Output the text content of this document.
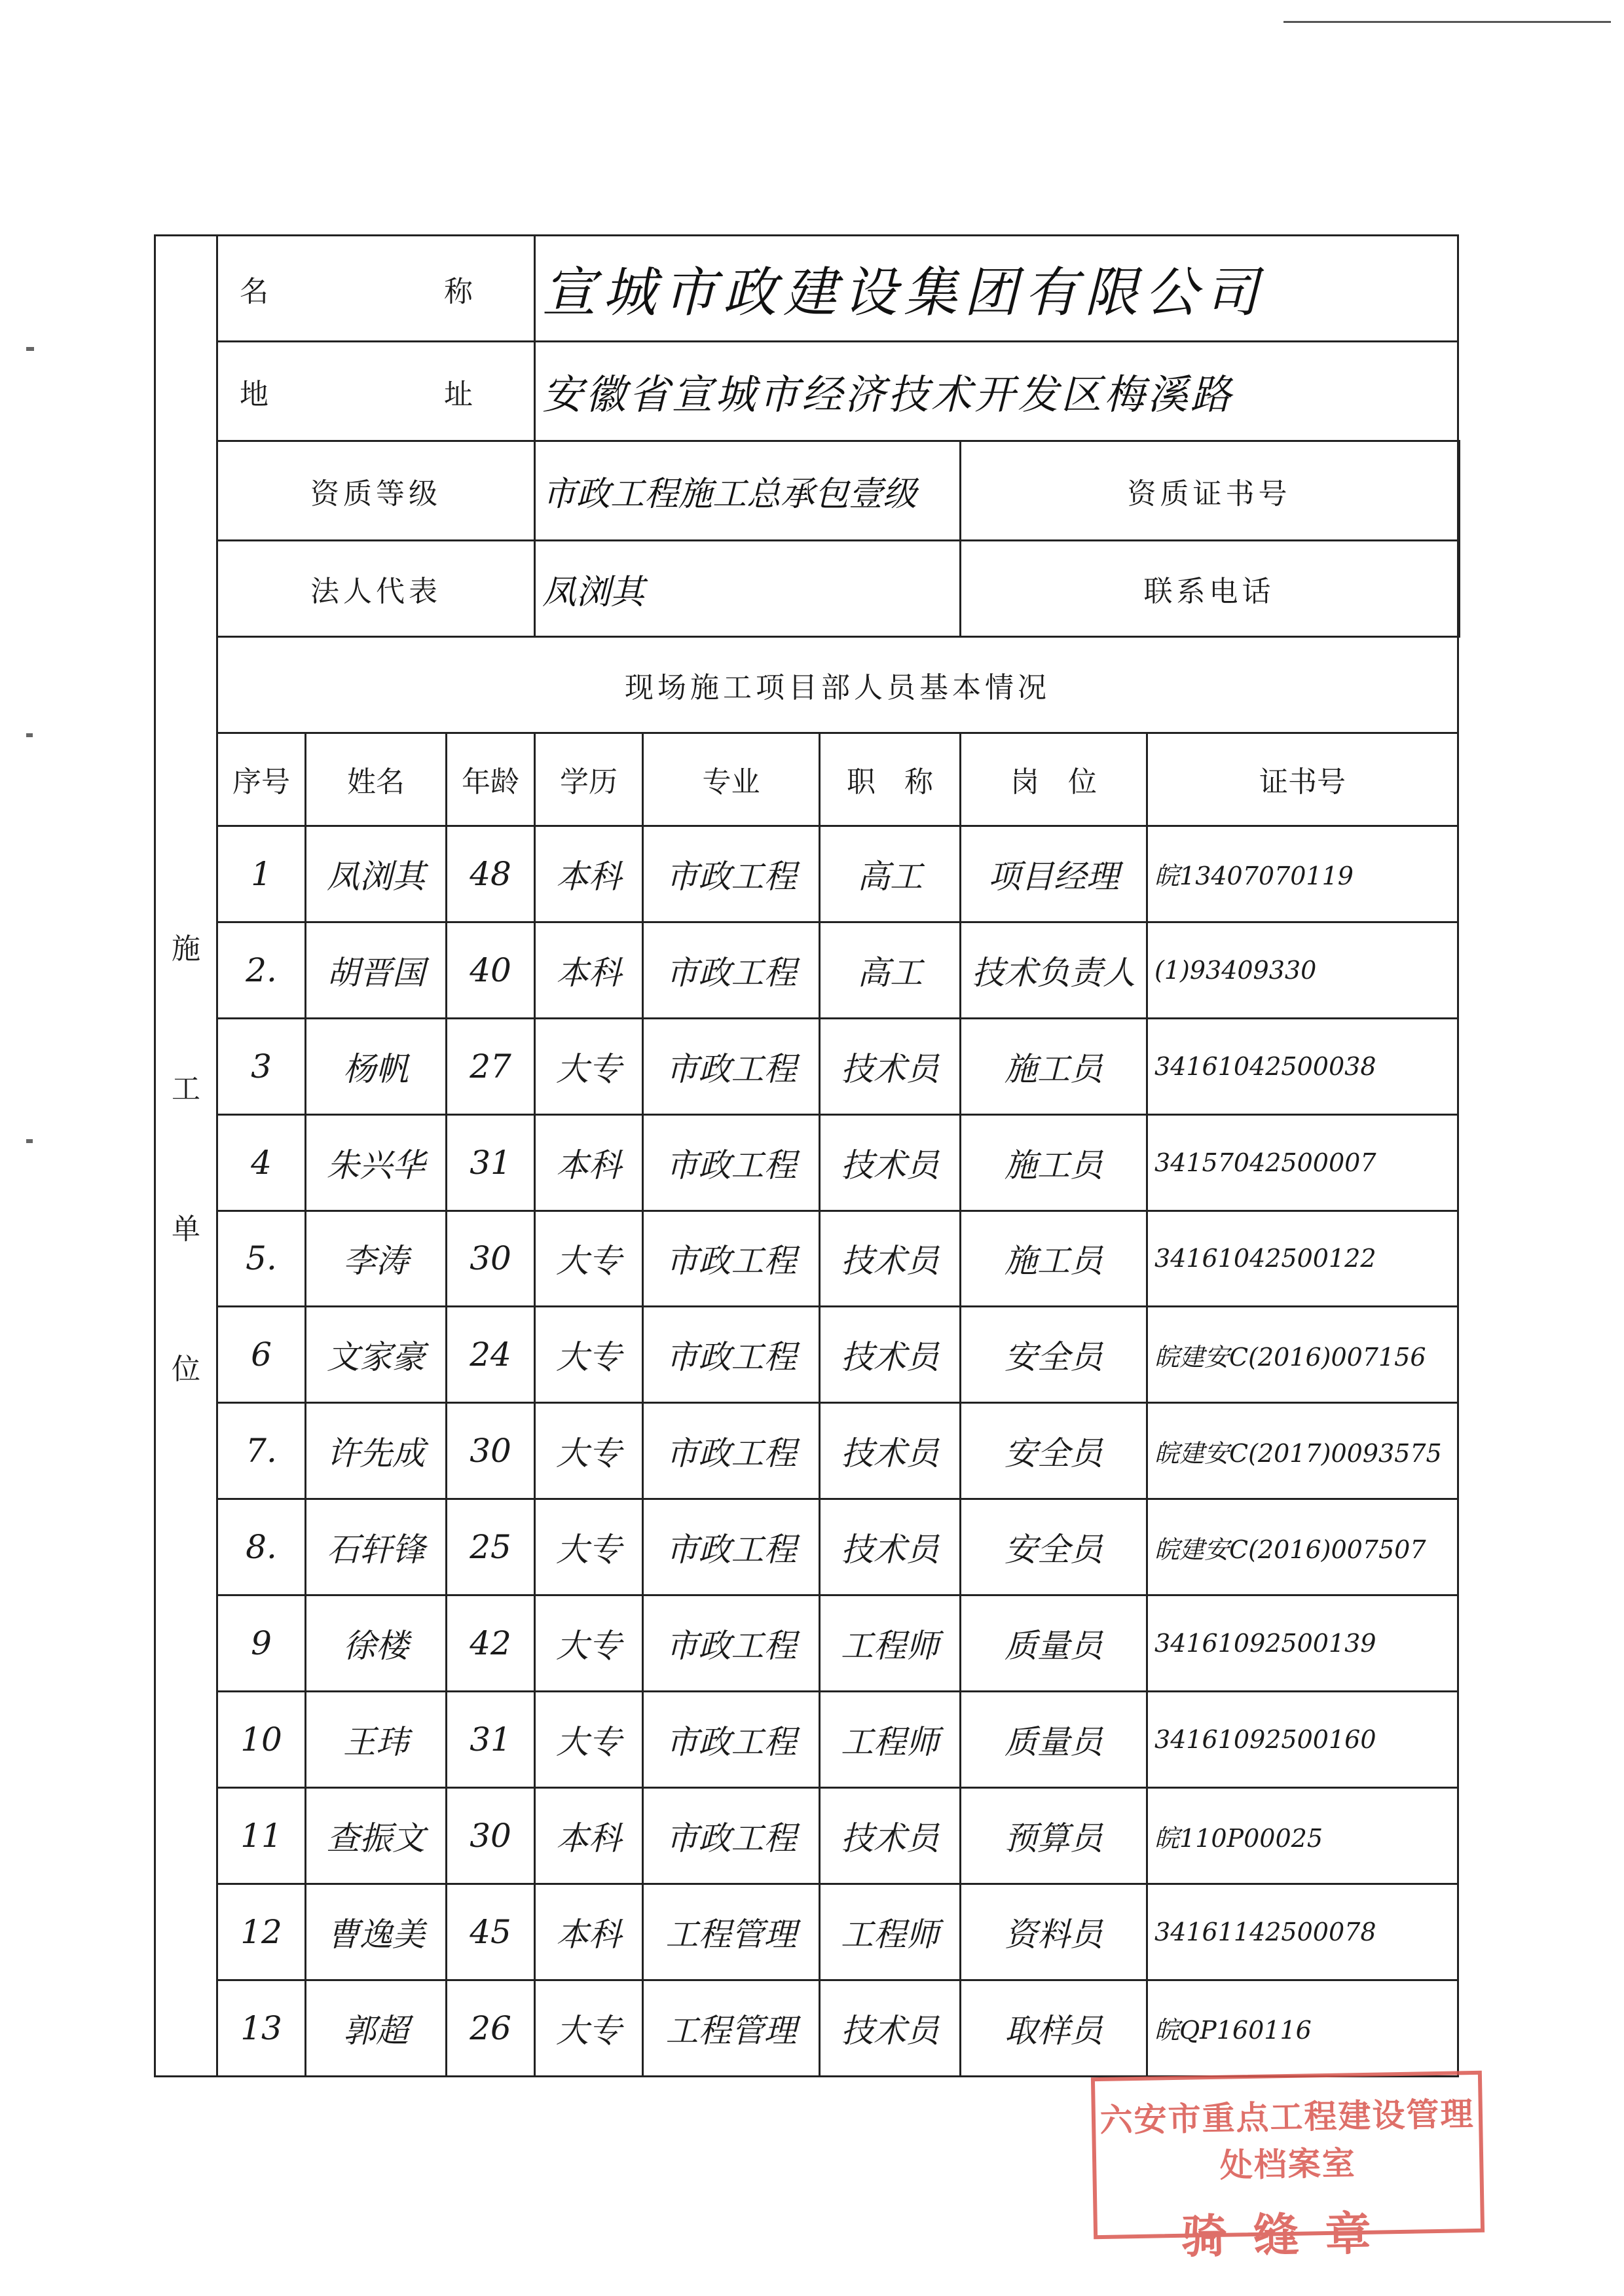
施
工
单
位	名　　称			宣城市政建设集团有限公司					
	地　　址			安徽省宣城市经济技术开发区梅溪路					
	资质等级			市政工程施工总承包壹级			资质证书号	
	法人代表			凤浏其			联系电话	
	现场施工项目部人员基本情况								
	序号	姓名	年龄	学历	专业	职　称	岗　位	证书号	
	1	凤浏其	48	本科	市政工程	高工	项目经理	皖13407070119	
	2.	胡晋国	40	本科	市政工程	高工	技术负责人	(1)93409330	
	3	杨帆	27	大专	市政工程	技术员	施工员	34161042500038	
	4	朱兴华	31	本科	市政工程	技术员	施工员	34157042500007	
	5.	李涛	30	大专	市政工程	技术员	施工员	34161042500122	
	6	文家豪	24	大专	市政工程	技术员	安全员	皖建安C(2016)007156	
	7.	许先成	30	大专	市政工程	技术员	安全员	皖建安C(2017)0093575	
	8.	石轩锋	25	大专	市政工程	技术员	安全员	皖建安C(2016)007507	
	9	徐楼	42	大专	市政工程	工程师	质量员	34161092500139	
	10	王玮	31	大专	市政工程	工程师	质量员	34161092500160	
	11	查振文	30	本科	市政工程	技术员	预算员	皖110P00025	
	12	曹逸美	45	本科	工程管理	工程师	资料员	34161142500078	
	13	郭超	26	大专	工程管理	技术员	取样员	皖QP160116	
六安市重点工程建设管理处档案室
骑缝章
